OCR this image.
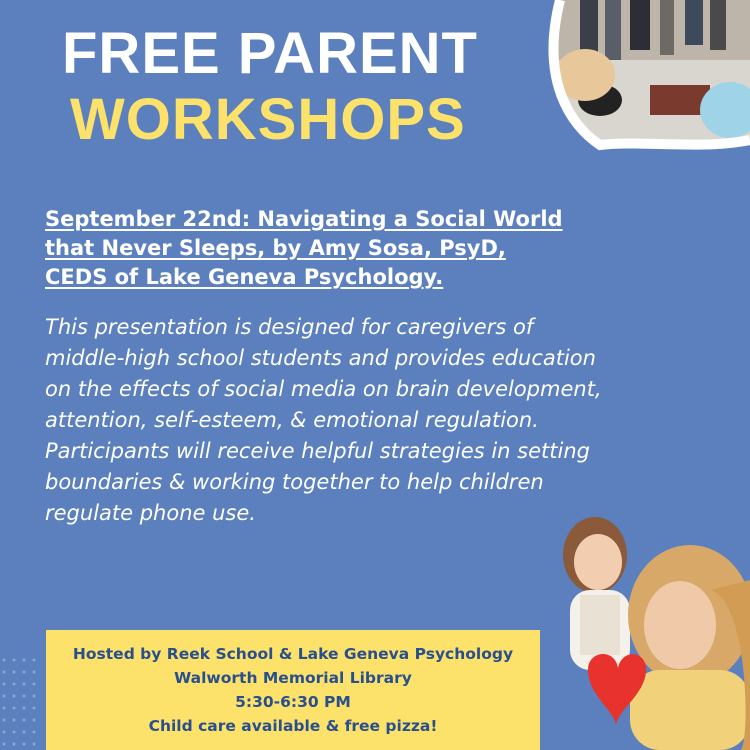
FREE PARENT
WORKSHOPS

September 22nd: Navigating a Social World that Never Sleeps, by Amy Sosa, PsyD, CEDS of Lake Geneva Psychology.

This presentation is designed for caregivers of middle-high school students and provides education on the effects of social media on brain development, attention, self-esteem, & emotional regulation. Participants will receive helpful strategies in setting boundaries & working together to help children regulate phone use.

Hosted by Reek School & Lake Geneva Psychology
Walworth Memorial Library
5:30-6:30 PM
Child care available & free pizza!
